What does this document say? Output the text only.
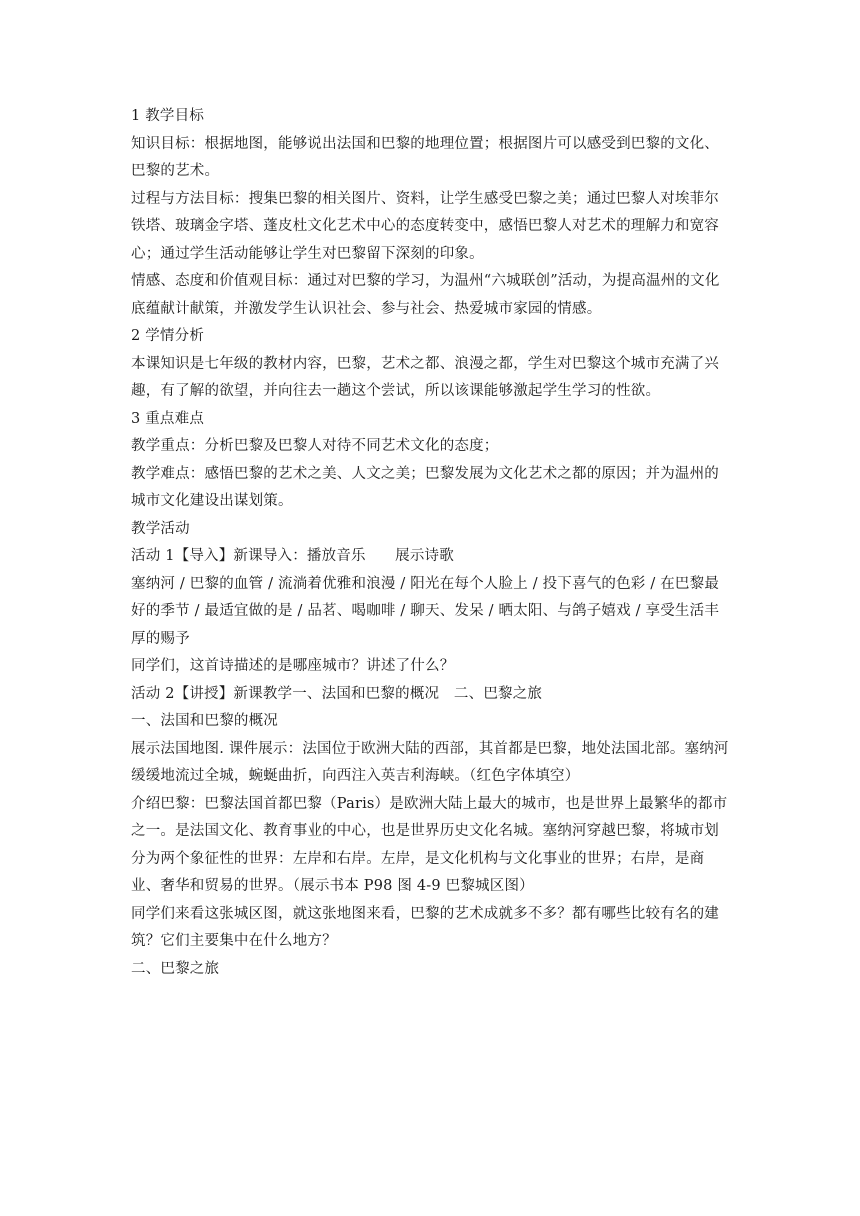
1 教学目标

知识目标：根据地图，能够说出法国和巴黎的地理位置；根据图片可以感受到巴黎的文化、巴黎的艺术。

过程与方法目标：搜集巴黎的相关图片、资料，让学生感受巴黎之美；通过巴黎人对埃菲尔铁塔、玻璃金字塔、蓬皮杜文化艺术中心的态度转变中，感悟巴黎人对艺术的理解力和宽容心；通过学生活动能够让学生对巴黎留下深刻的印象。

情感、态度和价值观目标：通过对巴黎的学习，为温州“六城联创”活动，为提高温州的文化底蕴献计献策，并激发学生认识社会、参与社会、热爱城市家园的情感。

2 学情分析

本课知识是七年级的教材内容，巴黎，艺术之都、浪漫之都，学生对巴黎这个城市充满了兴趣，有了解的欲望，并向往去一趟这个尝试，所以该课能够激起学生学习的性欲。

3 重点难点

教学重点：分析巴黎及巴黎人对待不同艺术文化的态度；

教学难点：感悟巴黎的艺术之美、人文之美；巴黎发展为文化艺术之都的原因；并为温州的城市文化建设出谋划策。

教学活动

活动 1【导入】新课导入：播放音乐　　展示诗歌

塞纳河 / 巴黎的血管 / 流淌着优雅和浪漫 / 阳光在每个人脸上 / 投下喜气的色彩 / 在巴黎最好的季节 / 最适宜做的是 / 品茗、喝咖啡 / 聊天、发呆 / 晒太阳、与鸽子嬉戏 / 享受生活丰厚的赐予

同学们，这首诗描述的是哪座城市？讲述了什么？

活动 2【讲授】新课教学一、法国和巴黎的概况　二、巴黎之旅

一、法国和巴黎的概况

展示法国地图. 课件展示：法国位于欧洲大陆的西部，其首都是巴黎，地处法国北部。塞纳河缓缓地流过全城，蜿蜒曲折，向西注入英吉利海峡。（红色字体填空）

介绍巴黎：巴黎法国首都巴黎（Paris）是欧洲大陆上最大的城市，也是世界上最繁华的都市之一。是法国文化、教育事业的中心，也是世界历史文化名城。塞纳河穿越巴黎，将城市划分为两个象征性的世界：左岸和右岸。左岸，是文化机构与文化事业的世界；右岸，是商业、奢华和贸易的世界。（展示书本 P98 图 4-9 巴黎城区图）

同学们来看这张城区图，就这张地图来看，巴黎的艺术成就多不多？都有哪些比较有名的建筑？它们主要集中在什么地方？

二、巴黎之旅
